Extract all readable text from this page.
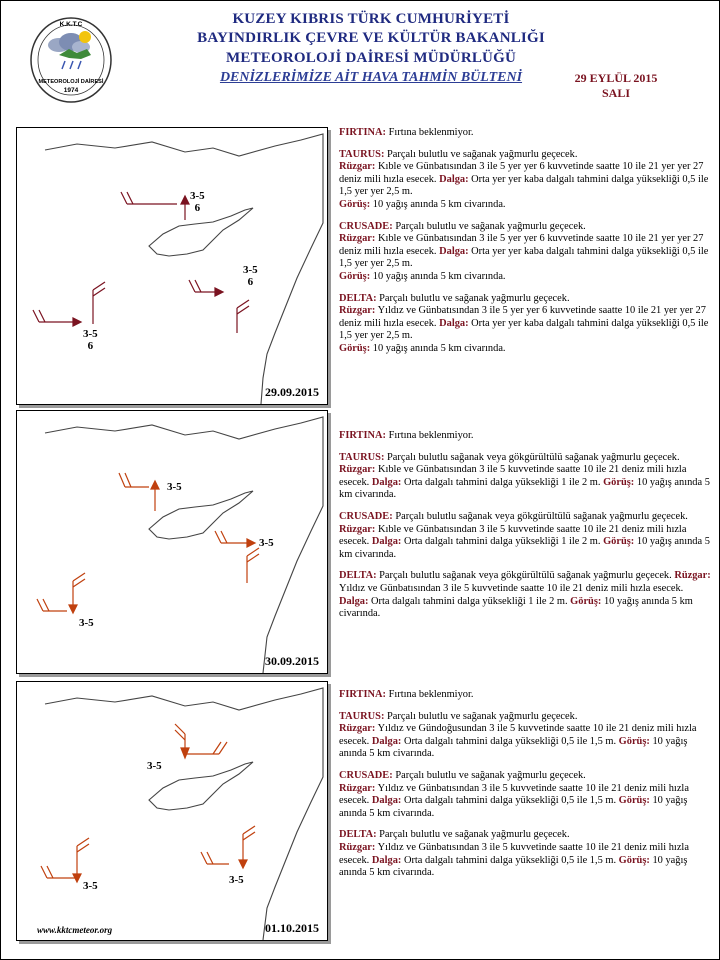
K.K.T.C
METEOROLOJİ DAİRESİ
1974
KUZEY KIBRIS TÜRK CUMHURİYETİ
BAYINDIRLIK ÇEVRE VE KÜLTÜR BAKANLIĞI
METEOROLOJİ DAİRESİ MÜDÜRLÜĞÜ
DENİZLERİMİZE AİT HAVA TAHMİN BÜLTENİ	29 EYLÜL 2015
SALI
3-5
6
3-5
6
3-5
6
29.09.2015

FIRTINA: Fırtına beklenmiyor.

TAURUS: Parçalı bulutlu ve sağanak yağmurlu geçecek.
Rüzgar: Kıble ve Günbatısından 3 ile 5 yer yer 6 kuvvetinde saatte 10 ile 21 yer yer 27 deniz mili hızla esecek. Dalga: Orta yer yer kaba dalgalı tahmini dalga yüksekliği 0,5 ile 1,5 yer yer 2,5 m.
Görüş: 10 yağış anında 5 km civarında.

CRUSADE: Parçalı bulutlu ve sağanak yağmurlu geçecek.
Rüzgar: Kıble ve Günbatısından 3 ile 5 yer yer 6 kuvvetinde saatte 10 ile 21 yer yer 27 deniz mili hızla esecek. Dalga: Orta yer yer kaba dalgalı tahmini dalga yüksekliği 0,5 ile 1,5 yer yer 2,5 m.
Görüş: 10 yağış anında 5 km civarında.

DELTA: Parçalı bulutlu ve sağanak yağmurlu geçecek.
Rüzgar: Yıldız ve Günbatısından 3 ile 5 yer yer 6 kuvvetinde saatte 10 ile 21 yer yer 27 deniz mili hızla esecek. Dalga: Orta yer yer kaba dalgalı tahmini dalga yüksekliği 0,5 ile 1,5 yer yer 2,5 m.
Görüş: 10 yağış anında 5 km civarında.

3-5
3-5
3-5
30.09.2015

FIRTINA: Fırtına beklenmiyor.

TAURUS: Parçalı bulutlu sağanak veya gökgürültülü sağanak yağmurlu geçecek. Rüzgar: Kıble ve Günbatısından 3 ile 5 kuvvetinde saatte 10 ile 21 deniz mili hızla esecek. Dalga: Orta dalgalı tahmini dalga yüksekliği 1 ile 2 m. Görüş: 10 yağış anında 5 km civarında.

CRUSADE: Parçalı bulutlu sağanak veya gökgürültülü sağanak yağmurlu geçecek. Rüzgar: Kıble ve Günbatısından 3 ile 5 kuvvetinde saatte 10 ile 21 deniz mili hızla esecek. Dalga: Orta dalgalı tahmini dalga yüksekliği 1 ile 2 m. Görüş: 10 yağış anında 5 km civarında.

DELTA: Parçalı bulutlu sağanak veya gökgürültülü sağanak yağmurlu geçecek. Rüzgar: Yıldız ve Günbatısından 3 ile 5 kuvvetinde saatte 10 ile 21 deniz mili hızla esecek. Dalga: Orta dalgalı tahmini dalga yüksekliği 1 ile 2 m. Görüş: 10 yağış anında 5 km civarında.

3-5
3-5
3-5
www.kktcmeteor.org	01.10.2015

FIRTINA: Fırtına beklenmiyor.

TAURUS: Parçalı bulutlu ve sağanak yağmurlu geçecek.
Rüzgar: Yıldız ve Gündoğusundan 3 ile 5 kuvvetinde saatte 10 ile 21 deniz mili hızla esecek. Dalga: Orta dalgalı tahmini dalga yüksekliği 0,5 ile 1,5 m. Görüş: 10 yağış anında 5 km civarında.

CRUSADE: Parçalı bulutlu ve sağanak yağmurlu geçecek.
Rüzgar: Yıldız ve Günbatısından 3 ile 5 kuvvetinde saatte 10 ile 21 deniz mili hızla esecek. Dalga: Orta dalgalı tahmini dalga yüksekliği 0,5 ile 1,5 m. Görüş: 10 yağış anında 5 km civarında.

DELTA: Parçalı bulutlu ve sağanak yağmurlu geçecek.
Rüzgar: Yıldız ve Günbatısından 3 ile 5 kuvvetinde saatte 10 ile 21 deniz mili hızla esecek. Dalga: Orta dalgalı tahmini dalga yüksekliği 0,5 ile 1,5 m. Görüş: 10 yağış anında 5 km civarında.
